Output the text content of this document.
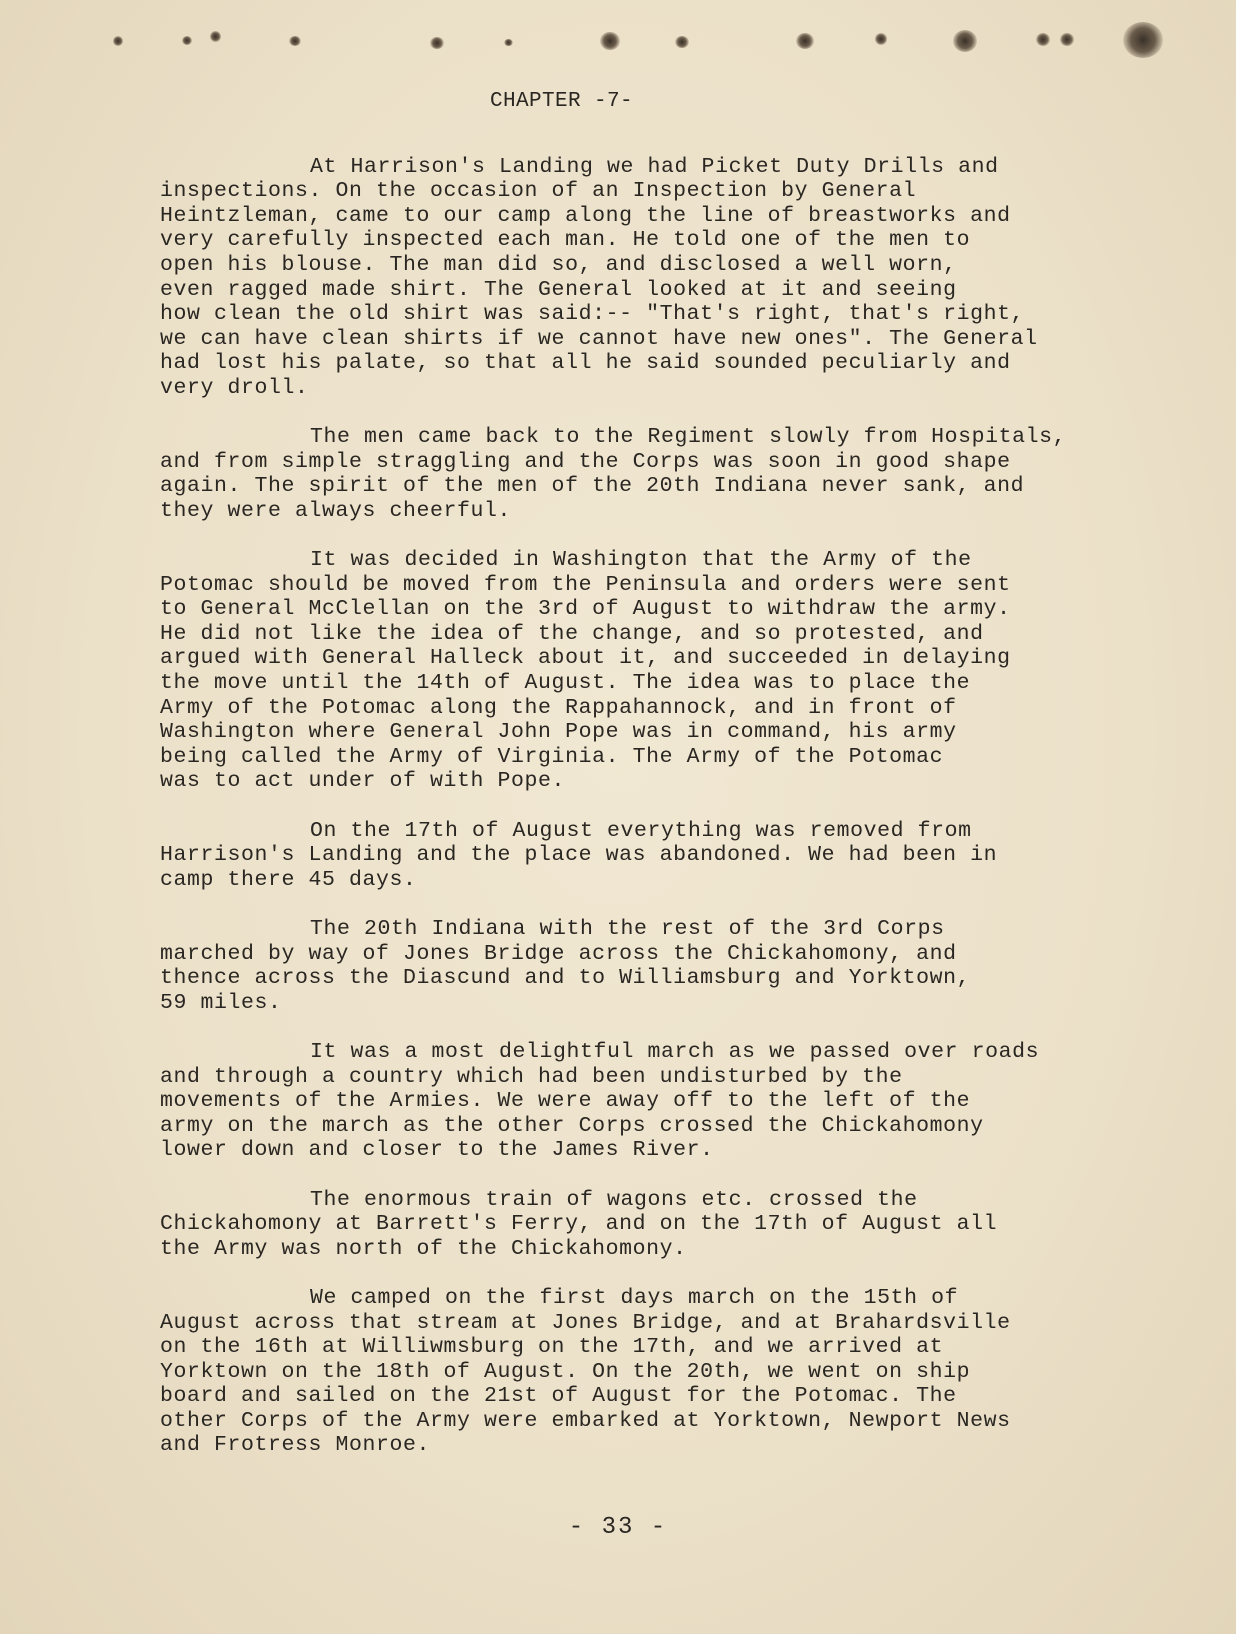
CHAPTER -7-

At Harrison's Landing we had Picket Duty Drills and
inspections. On the occasion of an Inspection by General
Heintzleman, came to our camp along the line of breastworks and
very carefully inspected each man. He told one of the men to
open his blouse. The man did so, and disclosed a well worn,
even ragged made shirt. The General looked at it and seeing
how clean the old shirt was said:-- "That's right, that's right,
we can have clean shirts if we cannot have new ones". The General
had lost his palate, so that all he said sounded peculiarly and
very droll.

The men came back to the Regiment slowly from Hospitals,
and from simple straggling and the Corps was soon in good shape
again. The spirit of the men of the 20th Indiana never sank, and
they were always cheerful.

It was decided in Washington that the Army of the
Potomac should be moved from the Peninsula and orders were sent
to General McClellan on the 3rd of August to withdraw the army.
He did not like the idea of the change, and so protested, and
argued with General Halleck about it, and succeeded in delaying
the move until the 14th of August. The idea was to place the
Army of the Potomac along the Rappahannock, and in front of
Washington where General John Pope was in command, his army
being called the Army of Virginia. The Army of the Potomac
was to act under of with Pope.

On the 17th of August everything was removed from
Harrison's Landing and the place was abandoned. We had been in
camp there 45 days.

The 20th Indiana with the rest of the 3rd Corps
marched by way of Jones Bridge across the Chickahomony, and
thence across the Diascund and to Williamsburg and Yorktown,
59 miles.

It was a most delightful march as we passed over roads
and through a country which had been undisturbed by the
movements of the Armies. We were away off to the left of the
army on the march as the other Corps crossed the Chickahomony
lower down and closer to the James River.

The enormous train of wagons etc. crossed the
Chickahomony at Barrett's Ferry, and on the 17th of August all
the Army was north of the Chickahomony.

We camped on the first days march on the 15th of
August across that stream at Jones Bridge, and at Brahardsville
on the 16th at Williwmsburg on the 17th, and we arrived at
Yorktown on the 18th of August. On the 20th, we went on ship
board and sailed on the 21st of August for the Potomac. The
other Corps of the Army were embarked at Yorktown, Newport News
and Frotress Monroe.

- 33 -
